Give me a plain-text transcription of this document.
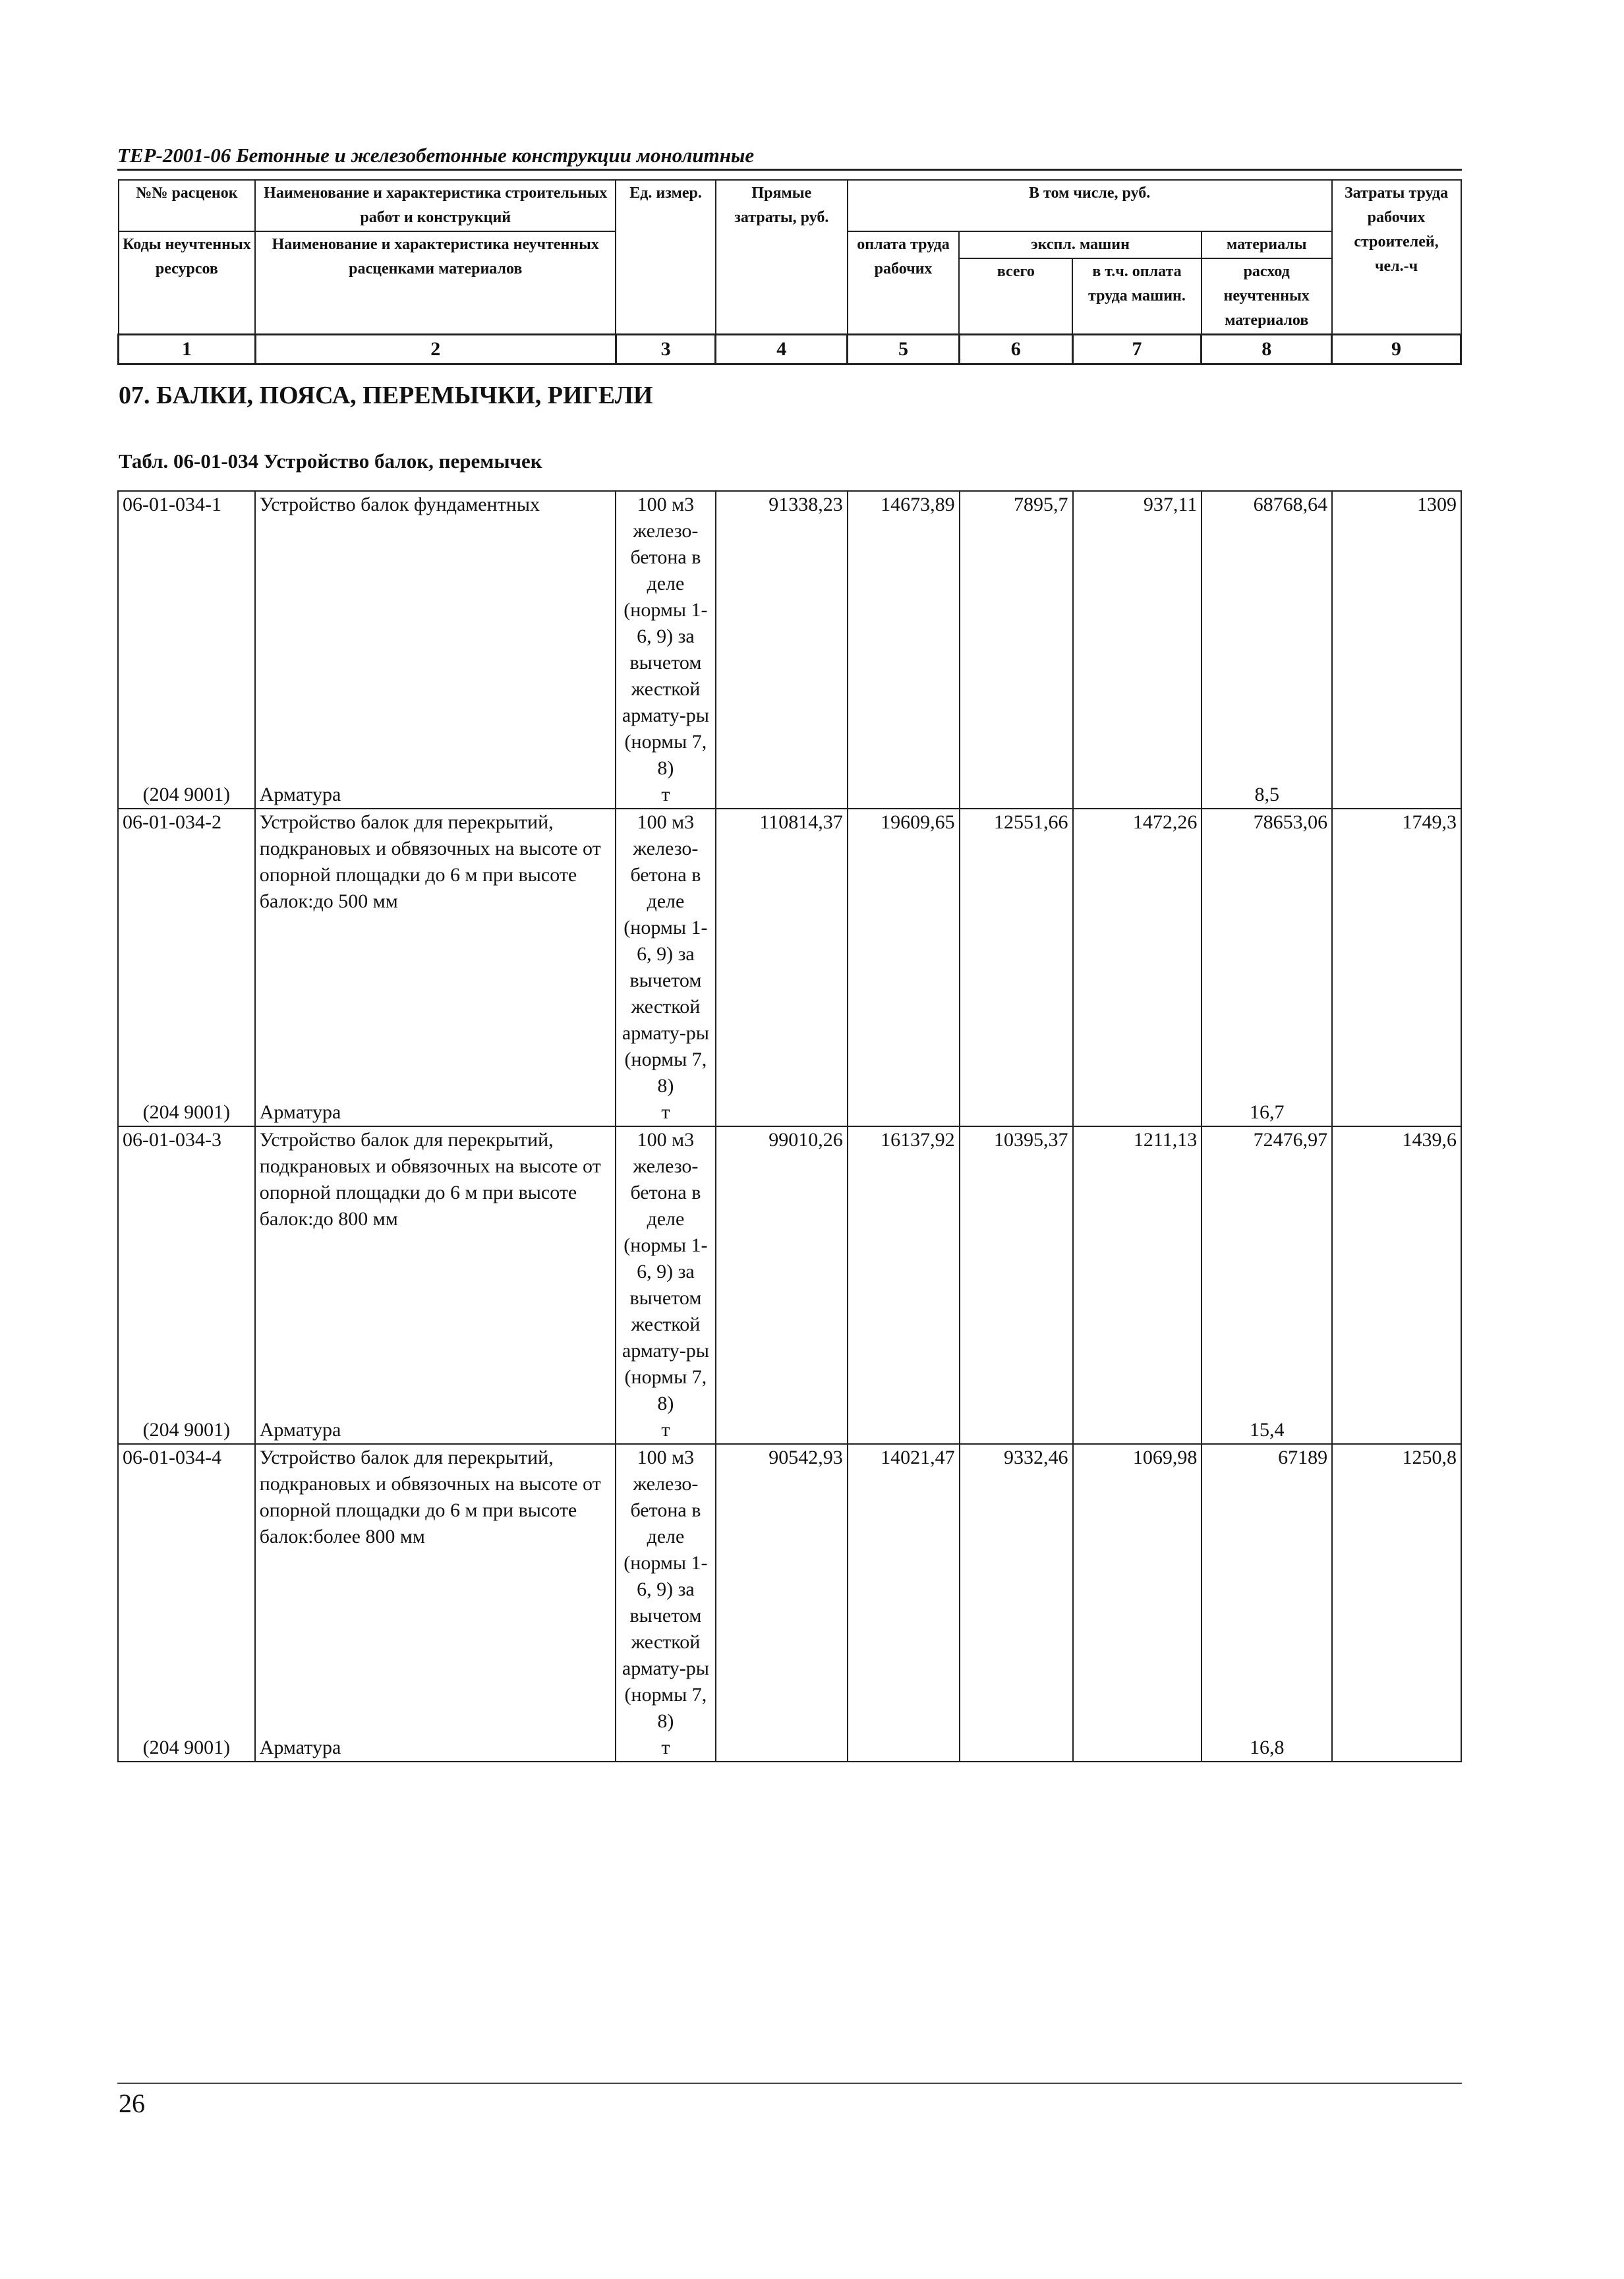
ТЕР-2001-06 Бетонные и железобетонные конструкции монолитные
№№ расценок	Наименование и характеристика строительных работ и конструкций	Ед. измер.	Прямые затраты, руб.	В том числе, руб.				Затраты труда рабочих строителей, чел.-ч
Коды неучтенных ресурсов	Наименование и характеристика неучтенных расценками материалов			оплата труда рабочих	экспл. машин		материалы	
					всего	в т.ч. оплата труда машин.	расход неучтенных материалов	
1	2	3	4	5	6	7	8	9
07. БАЛКИ, ПОЯСА, ПЕРЕМЫЧКИ, РИГЕЛИ
Табл. 06-01-034 Устройство балок, перемычек
06-01-034-1	Устройство балок фундаментных	100 м3 железо-бетона в деле (нормы 1-6, 9) за вычетом жесткой армату-ры (нормы 7, 8)	91338,23	14673,89	7895,7	937,11	68768,64	1309
(204 9001)	Арматура	т					8,5	
06-01-034-2	Устройство балок для перекрытий, подкрановых и обвязочных на высоте от опорной площадки до 6 м при высоте балок:до 500 мм	100 м3 железо-бетона в деле (нормы 1-6, 9) за вычетом жесткой армату-ры (нормы 7, 8)	110814,37	19609,65	12551,66	1472,26	78653,06	1749,3
(204 9001)	Арматура	т					16,7	
06-01-034-3	Устройство балок для перекрытий, подкрановых и обвязочных на высоте от опорной площадки до 6 м при высоте балок:до 800 мм	100 м3 железо-бетона в деле (нормы 1-6, 9) за вычетом жесткой армату-ры (нормы 7, 8)	99010,26	16137,92	10395,37	1211,13	72476,97	1439,6
(204 9001)	Арматура	т					15,4	
06-01-034-4	Устройство балок для перекрытий, подкрановых и обвязочных на высоте от опорной площадки до 6 м при высоте балок:более 800 мм	100 м3 железо-бетона в деле (нормы 1-6, 9) за вычетом жесткой армату-ры (нормы 7, 8)	90542,93	14021,47	9332,46	1069,98	67189	1250,8
(204 9001)	Арматура	т					16,8	
26
